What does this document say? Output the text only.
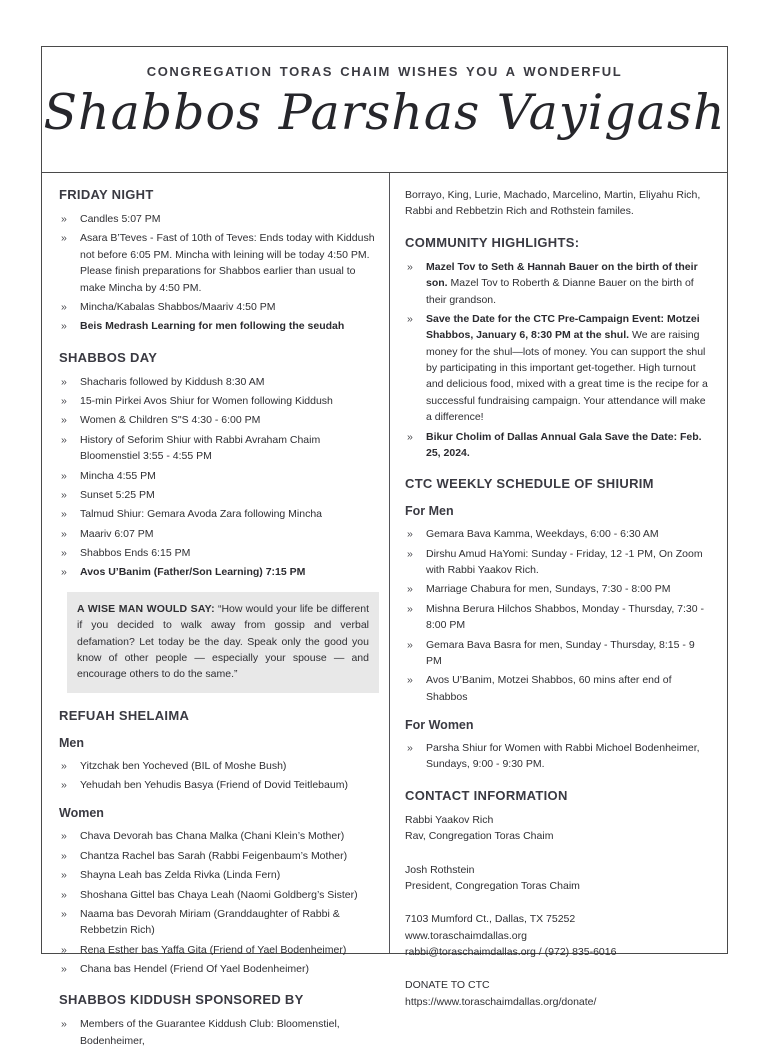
CONGREGATION TORAS CHAIM WISHES YOU A WONDERFUL
Shabbos Parshas Vayigash
FRIDAY NIGHT
»	Candles 5:07 PM
»	Asara B’Teves - Fast of 10th of Teves: Ends today with Kiddush not before 6:05 PM. Mincha with leining will be today 4:50 PM. Please finish preparations for Shabbos earlier than usual to make Mincha by 4:50 PM.
»	Mincha/Kabalas Shabbos/Maariv 4:50 PM
»	Beis Medrash Learning for men following the seudah
SHABBOS DAY
»	Shacharis followed by Kiddush 8:30 AM
»	15-min Pirkei Avos Shiur for Women following Kiddush
»	Women & Children S"S 4:30 - 6:00 PM
»	History of Seforim Shiur with Rabbi Avraham Chaim Bloomenstiel 3:55 - 4:55 PM
»	Mincha 4:55 PM
»	Sunset 5:25 PM
»	Talmud Shiur: Gemara Avoda Zara following Mincha
»	Maariv 6:07 PM
»	Shabbos Ends 6:15 PM
»	Avos U’Banim (Father/Son Learning) 7:15 PM
A WISE MAN WOULD SAY: “How would your life be different if you decided to walk away from gossip and verbal defamation? Let today be the day. Speak only the good you know of other people — especially your spouse — and encourage others to do the same.”
REFUAH SHELAIMA
Men
»	Yitzchak ben Yocheved (BIL of Moshe Bush)
»	Yehudah ben Yehudis Basya (Friend of Dovid Teitlebaum)
Women
»	Chava Devorah bas Chana Malka (Chani Klein’s Mother)
»	Chantza Rachel bas Sarah (Rabbi Feigenbaum’s Mother)
»	Shayna Leah bas Zelda Rivka (Linda Fern)
»	Shoshana Gittel bas Chaya Leah (Naomi Goldberg’s Sister)
»	Naama bas Devorah Miriam (Granddaughter of Rabbi & Rebbetzin Rich)
»	Rena Esther bas Yaffa Gita (Friend of Yael Bodenheimer)
»	Chana bas Hendel (Friend Of Yael Bodenheimer)
SHABBOS KIDDUSH SPONSORED BY
»	Members of the Guarantee Kiddush Club: Bloomenstiel, Bodenheimer,

Borrayo, King, Lurie, Machado, Marcelino, Martin, Eliyahu Rich, Rabbi and Rebbetzin Rich and Rothstein familes.

COMMUNITY HIGHLIGHTS:
»	Mazel Tov to Seth & Hannah Bauer on the birth of their son. Mazel Tov to Roberth & Dianne Bauer on the birth of their grandson.
»	Save the Date for the CTC Pre-Campaign Event: Motzei Shabbos, January 6, 8:30 PM at the shul. We are raising money for the shul—lots of money. You can support the shul by participating in this important get-together. High turnout and delicious food, mixed with a great time is the recipe for a successful fundraising campaign. Your attendance will make a difference!
»	Bikur Cholim of Dallas Annual Gala Save the Date: Feb. 25, 2024.
CTC WEEKLY SCHEDULE OF SHIURIM
For Men
»	Gemara Bava Kamma, Weekdays, 6:00 - 6:30 AM
»	Dirshu Amud HaYomi: Sunday - Friday, 12 -1 PM, On Zoom with Rabbi Yaakov Rich.
»	Marriage Chabura for men, Sundays, 7:30 - 8:00 PM
»	Mishna Berura Hilchos Shabbos, Monday - Thursday, 7:30 - 8:00 PM
»	Gemara Bava Basra for men, Sunday - Thursday, 8:15 - 9 PM
»	Avos U’Banim, Motzei Shabbos, 60 mins after end of Shabbos
For Women
»	Parsha Shiur for Women with Rabbi Michoel Bodenheimer, Sundays, 9:00 - 9:30 PM.
CONTACT INFORMATION
Rabbi Yaakov Rich
Rav, Congregation Toras Chaim
Josh Rothstein
President, Congregation Toras Chaim
7103 Mumford Ct., Dallas, TX 75252
www.toraschaimdallas.org
rabbi@toraschaimdallas.org / (972) 835-6016
DONATE TO CTC
https://www.toraschaimdallas.org/donate/
